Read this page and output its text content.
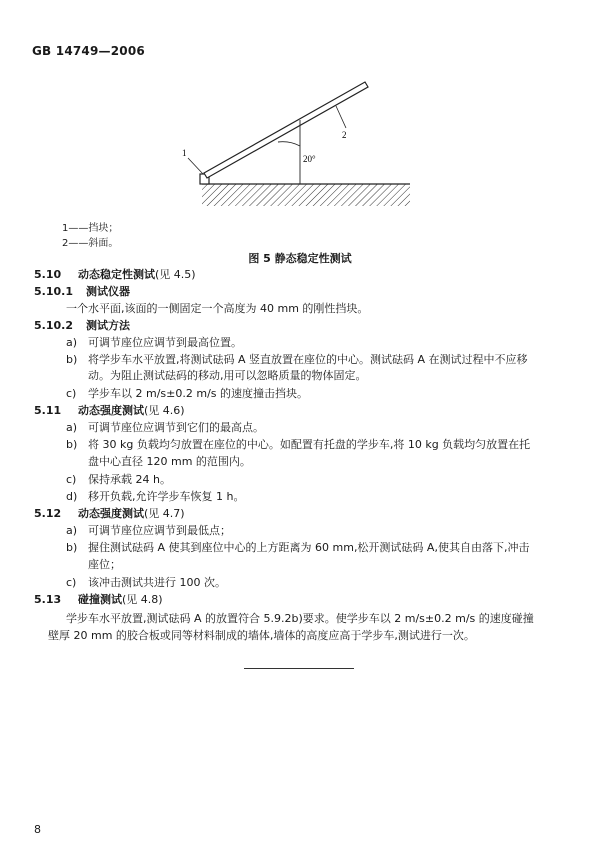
GB 14749—2006
2
1
20°
1——挡块；
2——斜面。
图 5 静态稳定性测试
5.10 动态稳定性测试(见 4.5)
5.10.1 测试仪器
一个水平面,该面的一侧固定一个高度为 40 mm 的刚性挡块。
5.10.2 测试方法
a) 可调节座位应调节到最高位置。
b) 将学步车水平放置,将测试砝码 A 竖直放置在座位的中心。测试砝码 A 在测试过程中不应移
动。为阻止测试砝码的移动,用可以忽略质量的物体固定。
c) 学步车以 2 m/s±0.2 m/s 的速度撞击挡块。
5.11 动态强度测试(见 4.6)
a) 可调节座位应调节到它们的最高点。
b) 将 30 kg 负载均匀放置在座位的中心。如配置有托盘的学步车,将 10 kg 负载均匀放置在托
盘中心直径 120 mm 的范围内。
c) 保持承载 24 h。
d) 移开负载,允许学步车恢复 1 h。
5.12 动态强度测试(见 4.7)
a) 可调节座位应调节到最低点；
b) 握住测试砝码 A 使其到座位中心的上方距离为 60 mm,松开测试砝码 A,使其自由落下,冲击
座位；
c) 该冲击测试共进行 100 次。
5.13 碰撞测试(见 4.8)
学步车水平放置,测试砝码 A 的放置符合 5.9.2b)要求。使学步车以 2 m/s±0.2 m/s 的速度碰撞
壁厚 20 mm 的胶合板或同等材料制成的墙体,墙体的高度应高于学步车,测试进行一次。
8
